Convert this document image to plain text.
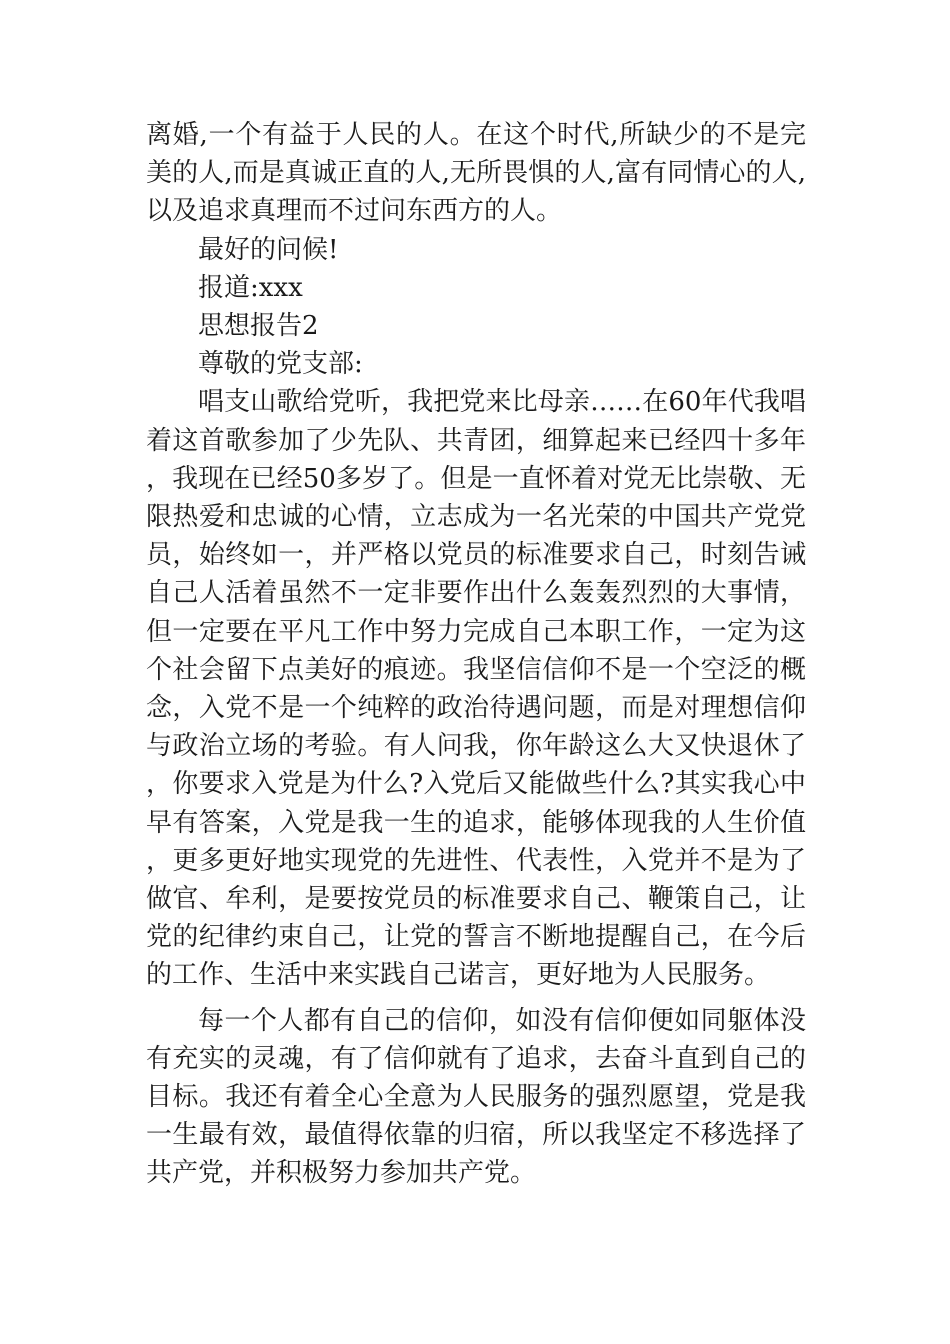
离婚,一个有益于人民的人。在这个时代,所缺少的不是完美的人,而是真诚正直的人,无所畏惧的人,富有同情心的人,以及追求真理而不过问东西方的人。

最好的问候!

报道:xxx

思想报告2

尊敬的党支部:

唱支山歌给党听，我把党来比母亲……在60年代我唱着这首歌参加了少先队、共青团，细算起来已经四十多年，我现在已经50多岁了。但是一直怀着对党无比崇敬、无限热爱和忠诚的心情，立志成为一名光荣的中国共产党党员，始终如一，并严格以党员的标准要求自己，时刻告诫自己人活着虽然不一定非要作出什么轰轰烈烈的大事情，但一定要在平凡工作中努力完成自己本职工作，一定为这个社会留下点美好的痕迹。我坚信信仰不是一个空泛的概念，入党不是一个纯粹的政治待遇问题，而是对理想信仰与政治立场的考验。有人问我，你年龄这么大又快退休了，你要求入党是为什么?入党后又能做些什么?其实我心中早有答案，入党是我一生的追求，能够体现我的人生价值，更多更好地实现党的先进性、代表性，入党并不是为了做官、牟利，是要按党员的标准要求自己、鞭策自己，让党的纪律约束自己，让党的誓言不断地提醒自己，在今后的工作、生活中来实践自己诺言，更好地为人民服务。

每一个人都有自己的信仰，如没有信仰便如同躯体没有充实的灵魂，有了信仰就有了追求，去奋斗直到自己的目标。我还有着全心全意为人民服务的强烈愿望，党是我一生最有效，最值得依靠的归宿，所以我坚定不移选择了共产党，并积极努力参加共产党。
